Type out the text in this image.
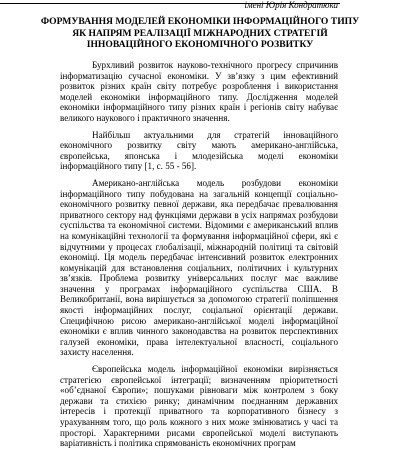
імені Юрія Кондратюка
ФОРМУВАННЯ МОДЕЛЕЙ ЕКОНОМІКИ ІНФОРМАЦІЙНОГО ТИПУ
ЯК НАПРЯМ РЕАЛІЗАЦІЇ МІЖНАРОДНИХ СТРАТЕГІЙ
ІННОВАЦІЙНОГО ЕКОНОМІЧНОГО РОЗВИТКУ

Бурхливий розвиток науково-технічного прогресу спричинив інформатизацію сучасної економіки. У зв’язку з цим ефективний розвиток різних країн світу потребує розроблення і використання моделей економіки інформаційного типу. Дослідження моделей економіки інформаційного типу різних країн і регіонів світу набуває великого наукового і практичного значення.

Найбільш актуальними для стратегій інноваційного економічного розвитку світу мають американо-англійська, європейська, японська і млодезійська моделі економіки інформаційного типу [1, с. 55 - 56].

Американо-англійська модель розбудови економіки інформаційного типу побудована на загальній концепції соціально-економічного розвитку певної держави, яка передбачає превалювання приватного сектору над функціями держави в усіх напрямах розбудови суспільства та економічної системи. Відомими є американський вплив на комунікаційні технології та формування інформаційної сфери, які є відчутними у процесах глобалізації, міжнародній політиці та світовій економіці. Ця модель передбачає інтенсивний розвиток електронних комунікацій для встановлення соціальних, політичних і культурних зв’язків. Проблема розвитку універсальних послуг має важливе значення у програмах інформаційного суспільства США. В Великобританії, вона вирішується за допомогою стратегії поліпшення якості інформаційних послуг, соціальної орієнтації держави. Специфічною рисою американо-англійської моделі інформаційної економіки є вплив чинного законодавства на розвиток перспективних галузей економіки, права інтелектуальної власності, соціального захисту населення.

Європейська модель інформаційної економіки вирізняється стратегією європейської інтеграції; визначенням пріоритетності «об’єднаної Європи»; пошуками рівноваги між контролем з боку держави та стихією ринку; динамічним поєднанням державних інтересів і протекції приватного та корпоративного бізнесу з урахуванням того, що роль кожного з них може змінюватись у часі та просторі. Характерними рисами європейської моделі виступають варіативність і політика спрямованість економічних програм
